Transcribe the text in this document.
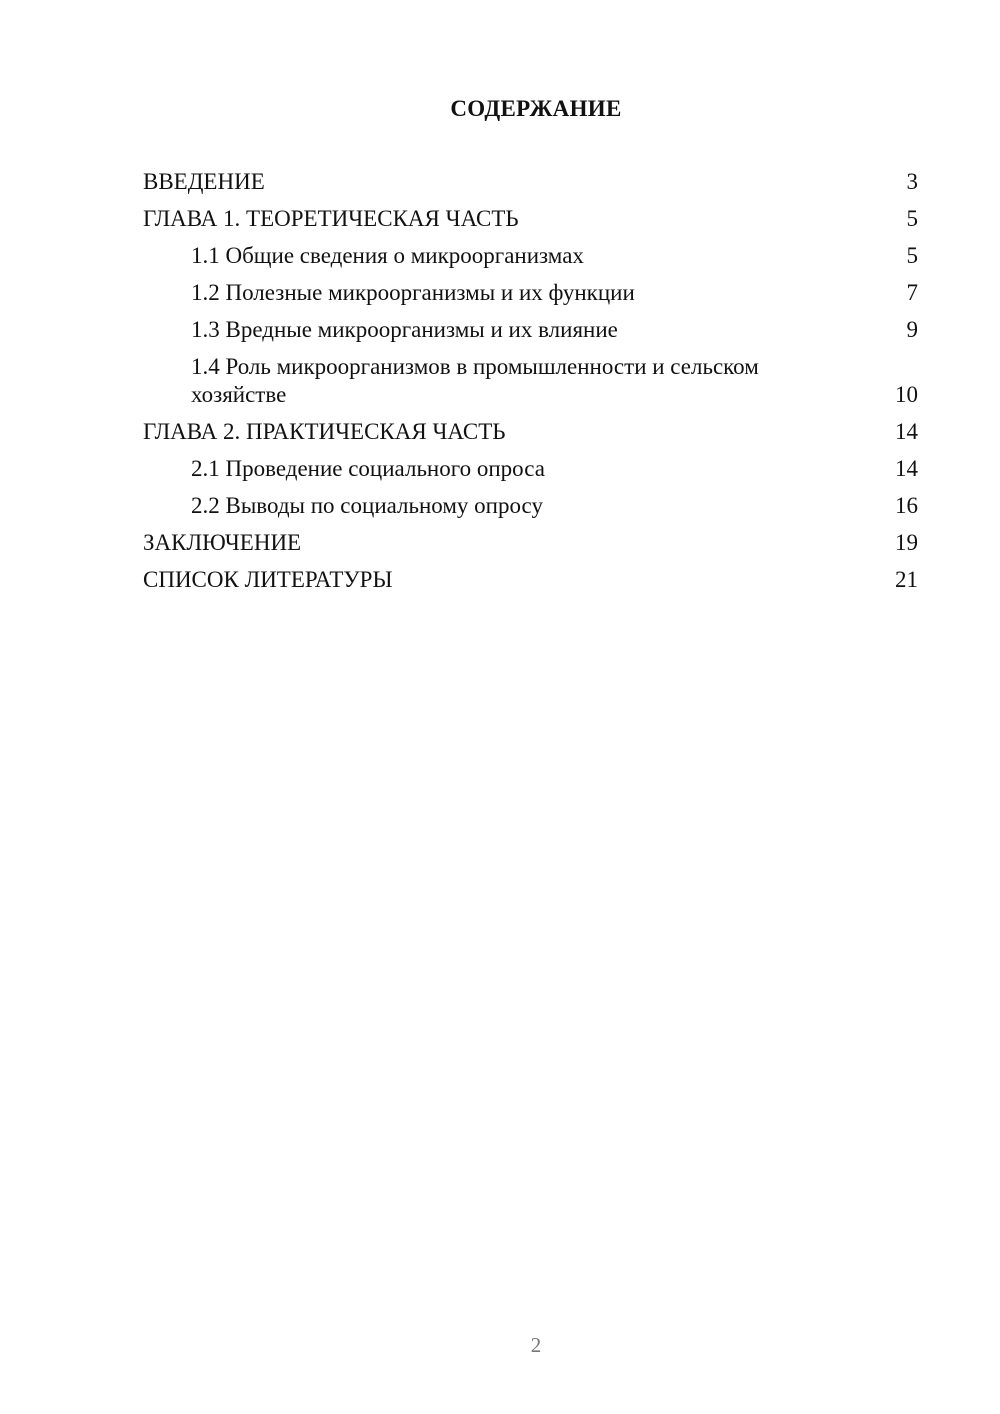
СОДЕРЖАНИЕ
ВВЕДЕНИЕ	3
ГЛАВА 1. ТЕОРЕТИЧЕСКАЯ ЧАСТЬ	5
1.1 Общие сведения о микроорганизмах	5
1.2 Полезные микроорганизмы и их функции	7
1.3 Вредные микроорганизмы и их влияние	9
1.4 Роль микроорганизмов в промышленности и сельском хозяйстве	10
ГЛАВА 2. ПРАКТИЧЕСКАЯ ЧАСТЬ	14
2.1 Проведение социального опроса	14
2.2 Выводы по социальному опросу	16
ЗАКЛЮЧЕНИЕ	19
СПИСОК ЛИТЕРАТУРЫ	21
2
